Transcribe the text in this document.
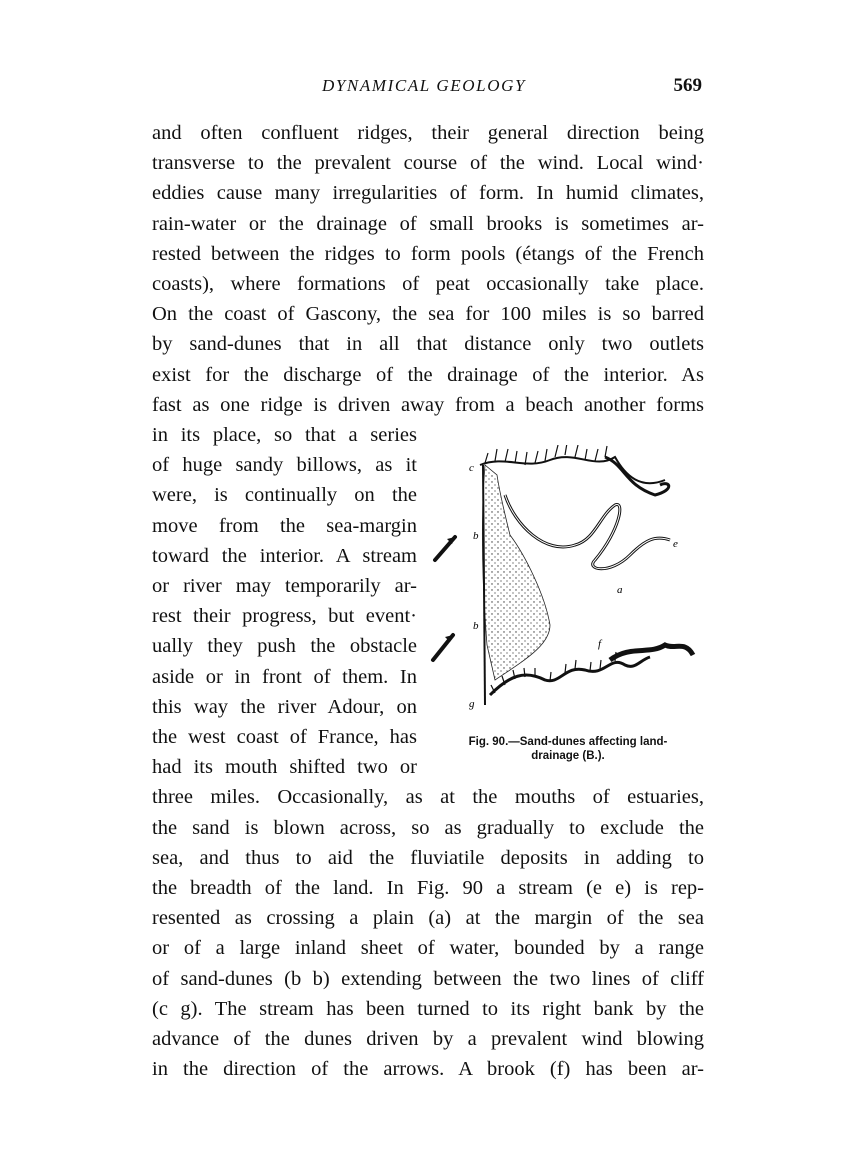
DYNAMICAL GEOLOGY	569
and often confluent ridges, their general direction being
transverse to the prevalent course of the wind. Local wind·
eddies cause many irregularities of form. In humid climates,
rain-water or the drainage of small brooks is sometimes ar-
rested between the ridges to form pools (étangs of the French
coasts), where formations of peat occasionally take place.
On the coast of Gascony, the sea for 100 miles is so barred
by sand-dunes that in all that distance only two outlets
exist for the discharge of the drainage of the interior. As
fast as one ridge is driven away from a beach another forms
in its place, so that a series
of huge sandy billows, as it
were, is continually on the
move from the sea-margin
toward the interior. A stream
or river may temporarily ar-
rest their progress, but event·
ually they push the obstacle
aside or in front of them. In
this way the river Adour, on
the west coast of France, has
had its mouth shifted two or
three miles. Occasionally, as at the mouths of estuaries,
the sand is blown across, so as gradually to exclude the
sea, and thus to aid the fluviatile deposits in adding to
the breadth of the land. In Fig. 90 a stream (e e) is rep-
resented as crossing a plain (a) at the margin of the sea
or of a large inland sheet of water, bounded by a range
of sand-dunes (b b) extending between the two lines of cliff
(c g). The stream has been turned to its right bank by the
advance of the dunes driven by a prevalent wind blowing
in the direction of the arrows. A brook (f) has been ar-
c
b
e
a
b
f
g
Fig. 90.—Sand-dunes affecting land-
drainage (B.).
